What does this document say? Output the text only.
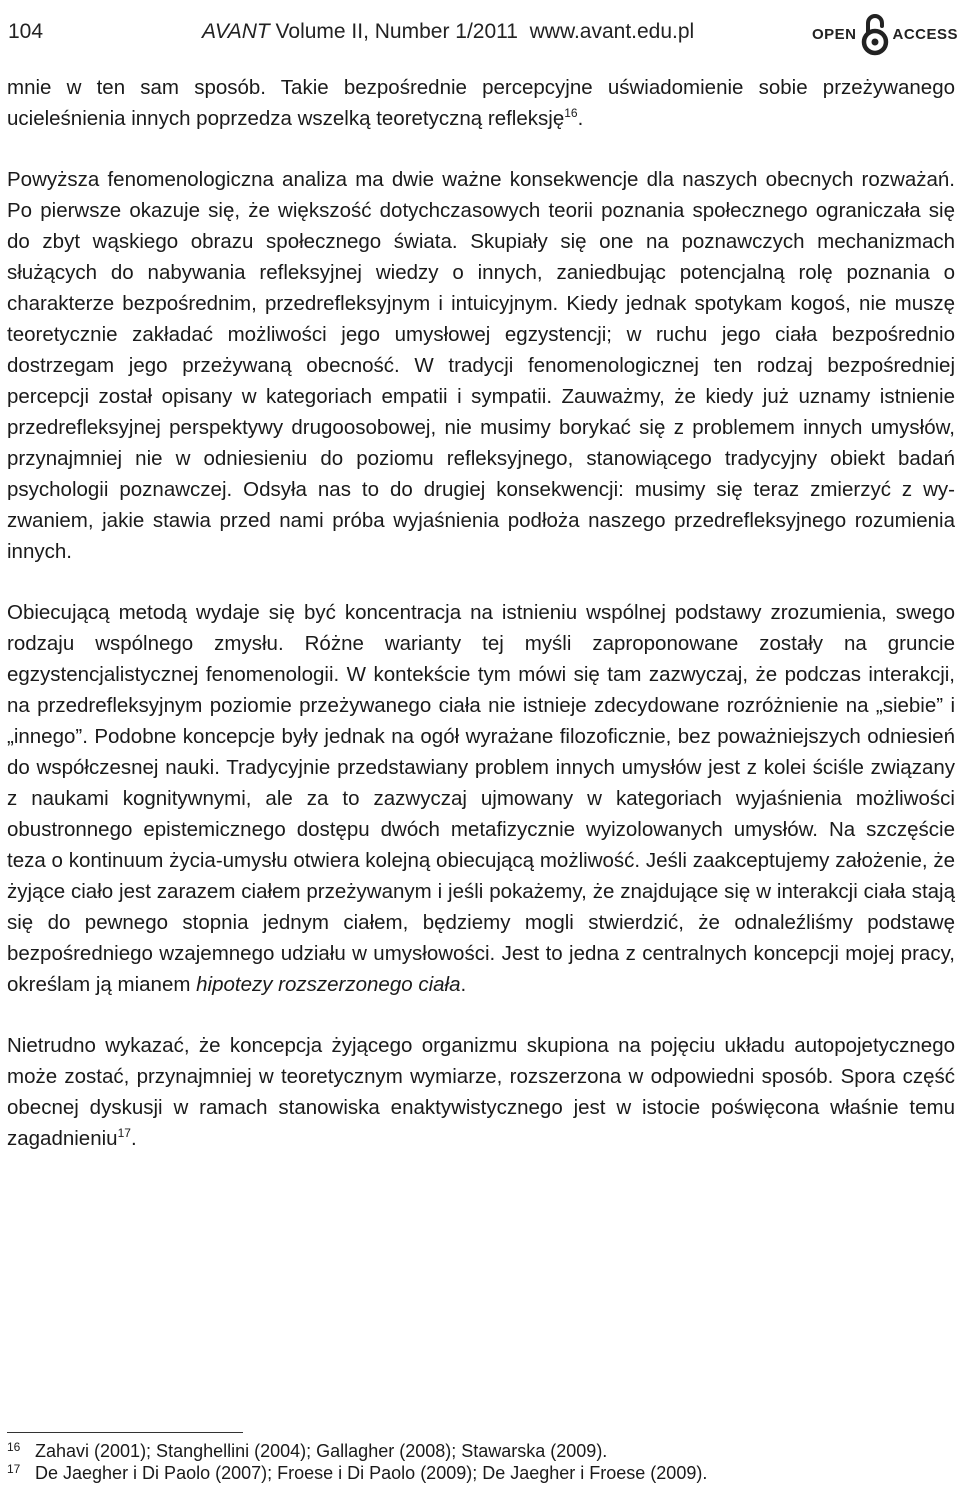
104	AVANT Volume II, Number 1/2011  www.avant.edu.pl	OPEN ACCESS

mnie w ten sam sposób. Takie bezpośrednie percepcyjne uświadomienie sobie przeżywanego ucieleśnienia innych poprzedza wszelką teoretyczną refleksję$^{16}$.

Powyższa fenomenologiczna analiza ma dwie ważne konsekwencje dla naszych obecnych rozważań. Po pierwsze okazuje się, że większość dotychczasowych teorii poznania społecznego ograniczała się do zbyt wąskiego obrazu społecznego świata. Skupiały się one na poznawczych mechanizmach służących do nabywania refleksyjnej wiedzy o innych, zaniedbując potencjalną rolę poznania o charakterze bezpośrednim, przedrefleksyjnym i intuicyjnym. Kiedy jednak spotykam kogoś, nie muszę teoretycznie zakładać możliwości jego umysłowej egzystencji; w ruchu jego ciała bezpośrednio dostrzegam jego przeżywaną obecność. W tradycji fenomenologicznej ten rodzaj bezpośredniej percepcji został opisany w kategoriach empatii i sympatii. Zauważmy, że kiedy już uznamy istnienie przedrefleksyjnej perspektywy drugoosobowej, nie musimy borykać się z problemem innych umysłów, przynajmniej nie w odniesieniu do poziomu refleksyjnego, stanowiącego tradycyjny obiekt badań psychologii poznawczej. Odsyła nas to do drugiej konsekwencji: musimy się teraz zmierzyć z wyzwaniem, jakie stawia przed nami próba wyjaśnienia podłoża naszego przedrefleksyjnego rozumienia innych.

Obiecującą metodą wydaje się być koncentracja na istnieniu wspólnej podstawy zrozumienia, swego rodzaju wspólnego zmysłu. Różne warianty tej myśli zaproponowane zostały na gruncie egzystencjalistycznej fenomenologii. W kontekście tym mówi się tam zazwyczaj, że podczas interakcji, na przedrefleksyjnym poziomie przeżywanego ciała nie istnieje zdecydowane rozróżnienie na „siebie” i „innego”. Podobne koncepcje były jednak na ogół wyrażane filozoficznie, bez poważniejszych odniesień do współczesnej nauki. Tradycyjnie przedstawiany problem innych umysłów jest z kolei ściśle związany z naukami kognitywnymi, ale za to zazwyczaj ujmowany w kategoriach wyjaśnienia możliwości obustronnego epistemicznego dostępu dwóch metafizycznie wyizolowanych umysłów. Na szczęście teza o kontinuum życia-umysłu otwiera kolejną obiecującą możliwość. Jeśli zaakceptujemy założenie, że żyjące ciało jest zarazem ciałem przeżywanym i jeśli pokażemy, że znajdujące się w interakcji ciała stają się do pewnego stopnia jednym ciałem, będziemy mogli stwierdzić, że odnaleźliśmy podstawę bezpośredniego wzajemnego udziału w umysłowości. Jest to jedna z centralnych koncepcji mojej pracy, określam ją mianem hipotezy rozszerzonego ciała.

Nietrudno wykazać, że koncepcja żyjącego organizmu skupiona na pojęciu układu autopojetycznego może zostać, przynajmniej w teoretycznym wymiarze, rozszerzona w odpowiedni sposób. Spora część obecnej dyskusji w ramach stanowiska enaktywistycznego jest w istocie poświęcona właśnie temu zagadnieniu$^{17}$.

16 Zahavi (2001); Stanghellini (2004); Gallagher (2008); Stawarska (2009).
17 De Jaegher i Di Paolo (2007); Froese i Di Paolo (2009); De Jaegher i Froese (2009).
